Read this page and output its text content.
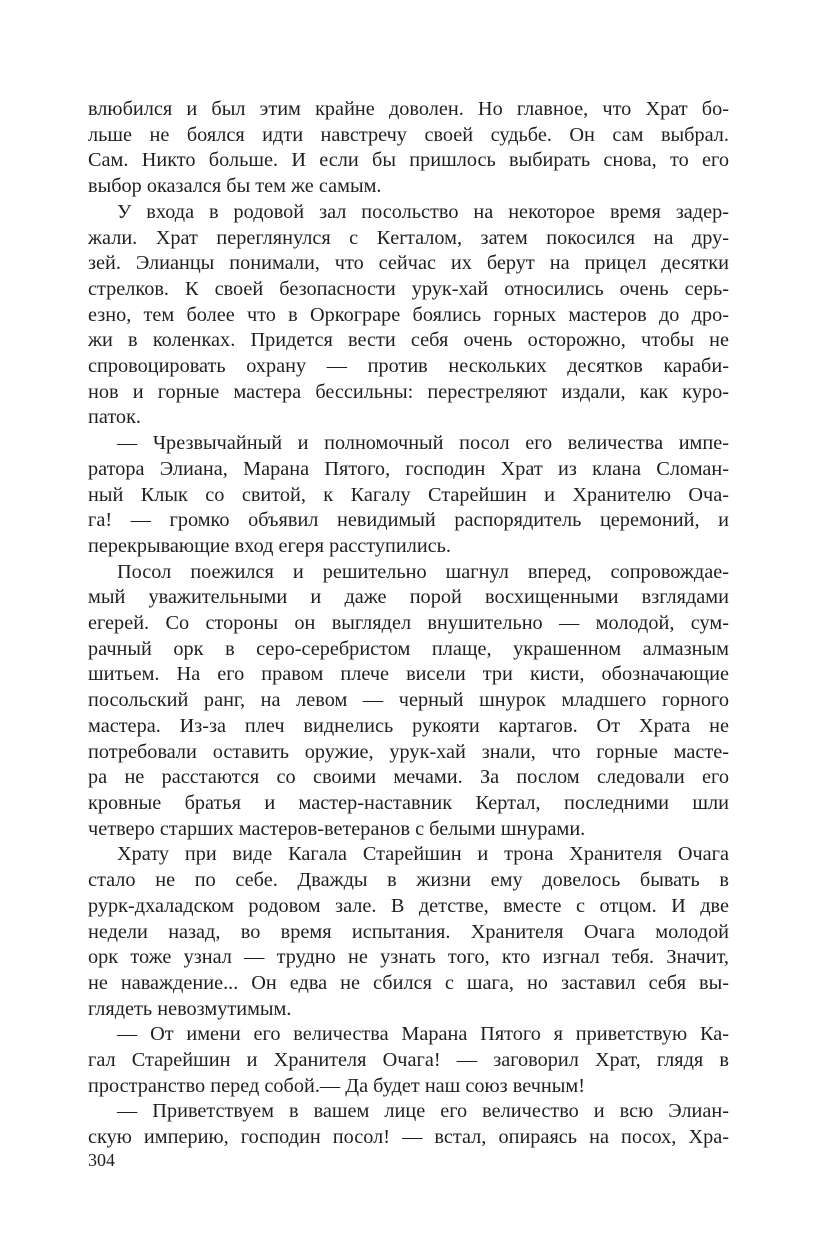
влюбился и был этим крайне доволен. Но главное, что Храт бо-
льше не боялся идти навстречу своей судьбе. Он сам выбрал.
Сам. Никто больше. И если бы пришлось выбирать снова, то его
выбор оказался бы тем же самым.
У входа в родовой зал посольство на некоторое время задер-
жали. Храт переглянулся с Кerталом, затем покосился на дру-
зей. Элианцы понимали, что сейчас их берут на прицел десятки
стрелков. К своей безопасности урук-хай относились очень серь-
езно, тем более что в Оркограре боялись горных мастеров до дро-
жи в коленках. Придется вести себя очень осторожно, чтобы не
спровоцировать охрану — против нескольких десятков караби-
нов и горные мастера бессильны: перестреляют издали, как куро-
паток.
— Чрезвычайный и полномочный посол его величества импе-
ратора Элиана, Марана Пятого, господин Храт из клана Сломан-
ный Клык со свитой, к Кагалу Старейшин и Хранителю Оча-
га! — громко объявил невидимый распорядитель церемоний, и
перекрывающие вход егеря расступились.
Посол поежился и решительно шагнул вперед, сопровождае-
мый уважительными и даже порой восхищенными взглядами
егерей. Со стороны он выглядел внушительно — молодой, сум-
рачный орк в серо-серебристом плаще, украшенном алмазным
шитьем. На его правом плече висели три кисти, обозначающие
посольский ранг, на левом — черный шнурок младшего горного
мастера. Из-за плеч виднелись рукояти картагов. От Храта не
потребовали оставить оружие, урук-хай знали, что горные масте-
ра не расстаются со своими мечами. За послом следовали его
кровные братья и мастер-наставник Кертал, последними шли
четверо старших мастеров-ветеранов с белыми шнурами.
Храту при виде Кагала Старейшин и трона Хранителя Очага
стало не по себе. Дважды в жизни ему довелось бывать в
рурк-дхаладском родовом зале. В детстве, вместе с отцом. И две
недели назад, во время испытания. Хранителя Очага молодой
орк тоже узнал — трудно не узнать того, кто изгнал тебя. Значит,
не наваждение... Он едва не сбился с шага, но заставил себя вы-
глядеть невозмутимым.
— От имени его величества Марана Пятого я приветствую Ка-
гал Старейшин и Хранителя Очага! — заговорил Храт, глядя в
пространство перед собой.— Да будет наш союз вечным!
— Приветствуем в вашем лице его величество и всю Элиан-
скую империю, господин посол! — встал, опираясь на посох, Хра-
304
